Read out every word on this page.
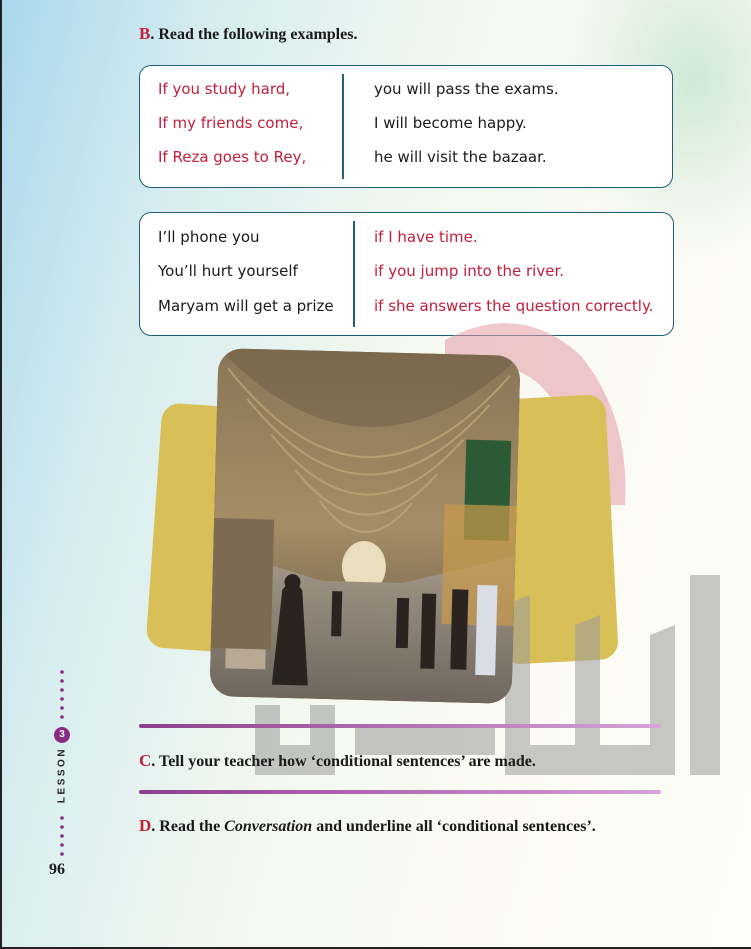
B. Read the following examples.
If you study hard,	you will pass the exams.
If my friends come,	I will become happy.
If Reza goes to Rey,	he will visit the bazaar.
I’ll phone you	if I have time.
You’ll hurt yourself	if you jump into the river.
Maryam will get a prize	if she answers the question correctly.
C. Tell your teacher how ‘conditional sentences’ are made.
D. Read the Conversation and underline all ‘conditional sentences’.
3
LESSON
96
